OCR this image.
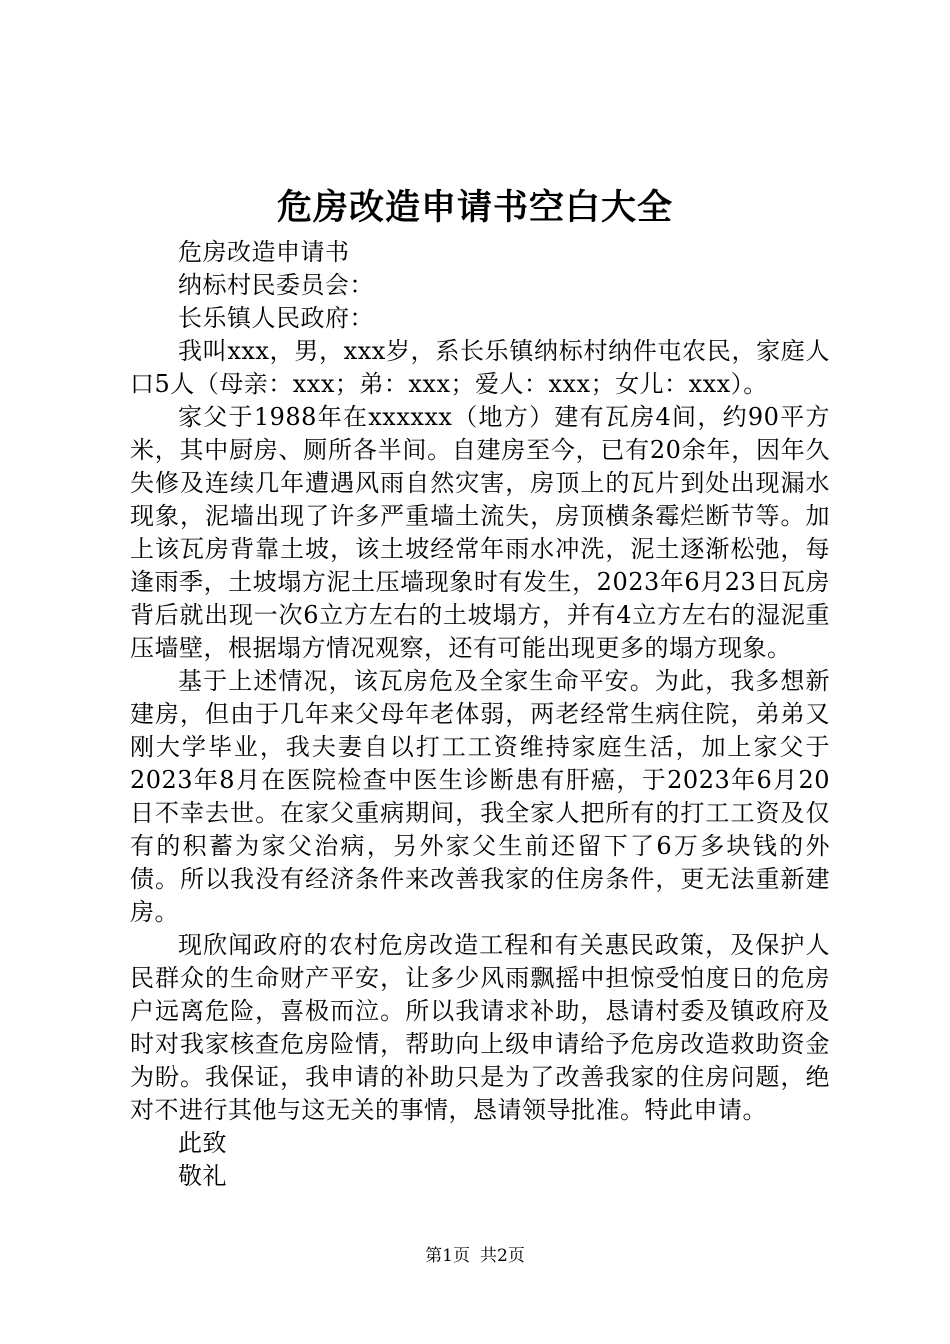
危房改造申请书空白大全

危房改造申请书

纳标村民委员会：

长乐镇人民政府：

我叫xxx，男，xxx岁，系长乐镇纳标村纳件屯农民，家庭人口5人（母亲：xxx；弟：xxx；爱人：xxx；女儿：xxx）。

家父于1988年在xxxxxx（地方）建有瓦房4间，约90平方米，其中厨房、厕所各半间。自建房至今，已有20余年，因年久失修及连续几年遭遇风雨自然灾害，房顶上的瓦片到处出现漏水现象，泥墙出现了许多严重墙土流失，房顶横条霉烂断节等。加上该瓦房背靠土坡，该土坡经常年雨水冲洗，泥土逐渐松弛，每逢雨季，土坡塌方泥土压墙现象时有发生，2023年6月23日瓦房背后就出现一次6立方左右的土坡塌方，并有4立方左右的湿泥重压墙壁，根据塌方情况观察，还有可能出现更多的塌方现象。

基于上述情况，该瓦房危及全家生命平安。为此，我多想新建房，但由于几年来父母年老体弱，两老经常生病住院，弟弟又刚大学毕业，我夫妻自以打工工资维持家庭生活，加上家父于2023年8月在医院检查中医生诊断患有肝癌，于2023年6月20日不幸去世。在家父重病期间，我全家人把所有的打工工资及仅有的积蓄为家父治病，另外家父生前还留下了6万多块钱的外债。所以我没有经济条件来改善我家的住房条件，更无法重新建房。

现欣闻政府的农村危房改造工程和有关惠民政策，及保护人民群众的生命财产平安，让多少风雨飘摇中担惊受怕度日的危房户远离危险，喜极而泣。所以我请求补助，恳请村委及镇政府及时对我家核查危房险情，帮助向上级申请给予危房改造救助资金为盼。我保证，我申请的补助只是为了改善我家的住房问题，绝对不进行其他与这无关的事情，恳请领导批准。特此申请。

此致

敬礼

第1页 共2页
